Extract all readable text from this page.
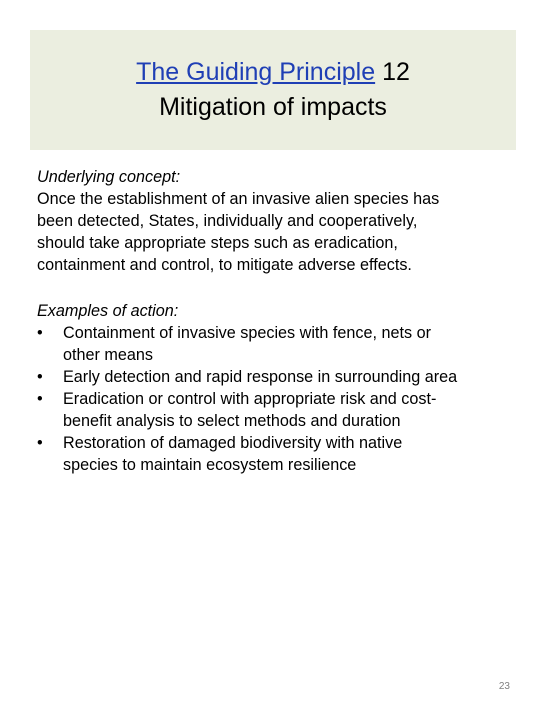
The Guiding Principle 12
Mitigation of impacts
Underlying concept:
Once the establishment of an invasive alien species has
been detected, States, individually and cooperatively,
should take appropriate steps such as eradication,
containment and control, to mitigate adverse effects.
Examples of action:
•	Containment of invasive species with fence, nets or
other means
•	Early detection and rapid response in surrounding area
•	Eradication or control with appropriate risk and cost-
benefit analysis to select methods and duration
•	Restoration of damaged biodiversity with native
species to maintain ecosystem resilience
23
